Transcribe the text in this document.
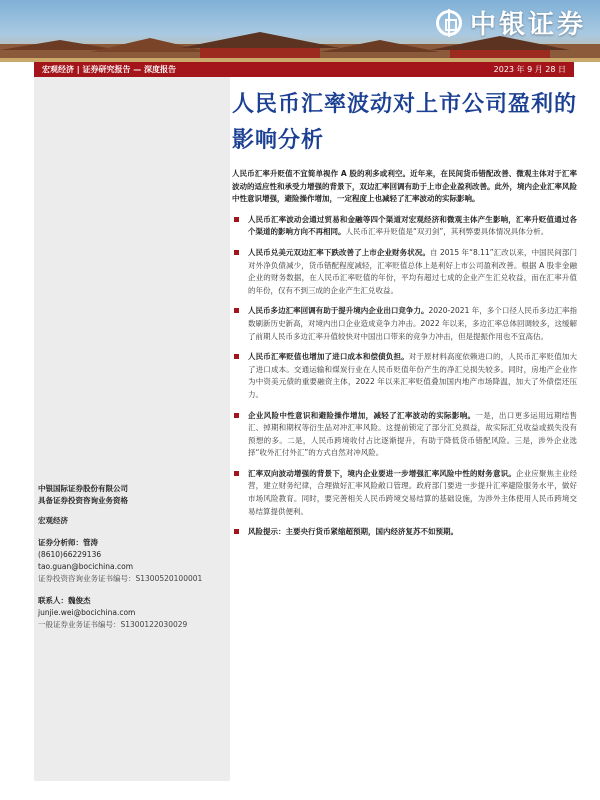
中银证券
宏观经济 | 证券研究报告 — 深度报告	2023 年 9 月 28 日
中银国际证券股份有限公司
具备证券投资咨询业务资格
宏观经济
证券分析师：管涛
(8610)66229136
tao.guan@bocichina.com
证券投资咨询业务证书编号：S1300520100001
联系人：魏俊杰
junjie.wei@bocichina.com
一般证券业务证书编号：S1300122030029
人民币汇率波动对上市公司盈利的影响分析

人民币汇率升贬值不宜简单视作 A 股的利多或利空。近年来，在民间货币错配改善、微观主体对于汇率波动的适应性和承受力增强的背景下，双边汇率回调有助于上市企业盈利改善。此外，境内企业汇率风险中性意识增强，避险操作增加，一定程度上也减轻了汇率波动的实际影响。

人民币汇率波动会通过贸易和金融等四个渠道对宏观经济和微观主体产生影响，汇率升贬值通过各个渠道的影响方向不再相同。人民币汇率升贬值是“双刃剑”，其利弊要具体情况具体分析。
人民币兑美元双边汇率下跌改善了上市企业财务状况。自 2015 年“8.11”汇改以来，中国民间部门对外净负债减少，货币错配程度减轻，汇率贬值总体上是利好上市公司盈利改善。根据 A 股非金融企业的财务数据，在人民币汇率贬值的年份，平均有超过七成的企业产生汇兑收益，而在汇率升值的年份，仅有不到三成的企业产生汇兑收益。
人民币多边汇率回调有助于提升境内企业出口竞争力。2020-2021 年，多个口径人民币多边汇率指数刷新历史新高，对境内出口企业造成竞争力冲击。2022 年以来，多边汇率总体回调较多，这缓解了前期人民币多边汇率升值较快对中国出口带来的竞争力冲击，但是提振作用也不宜高估。
人民币汇率贬值也增加了进口成本和偿债负担。对于原材料高度依赖进口的，人民币汇率贬值加大了进口成本。交通运输和煤炭行业在人民币贬值年份产生的净汇兑损失较多。同时，房地产企业作为中资美元债的重要融资主体，2022 年以来汇率贬值叠加国内地产市场降温，加大了外债偿还压力。
企业风险中性意识和避险操作增加，减轻了汇率波动的实际影响。一是，出口更多运用远期结售汇、掉期和期权等衍生品对冲汇率风险。这提前锁定了部分汇兑损益，故实际汇兑收益或损失没有预想的多。二是，人民币跨境收付占比逐渐提升，有助于降低货币错配风险。三是，涉外企业选择“收外汇付外汇”的方式自然对冲风险。
汇率双向波动增强的背景下，境内企业要进一步增强汇率风险中性的财务意识。企业应聚焦主业经营，建立财务纪律，合理做好汇率风险敞口管理。政府部门要进一步提升汇率避险服务水平，做好市场风险教育。同时，要完善相关人民币跨境交易结算的基础设施，为涉外主体使用人民币跨境交易结算提供便利。
风险提示：主要央行货币紧缩超预期，国内经济复苏不如预期。
